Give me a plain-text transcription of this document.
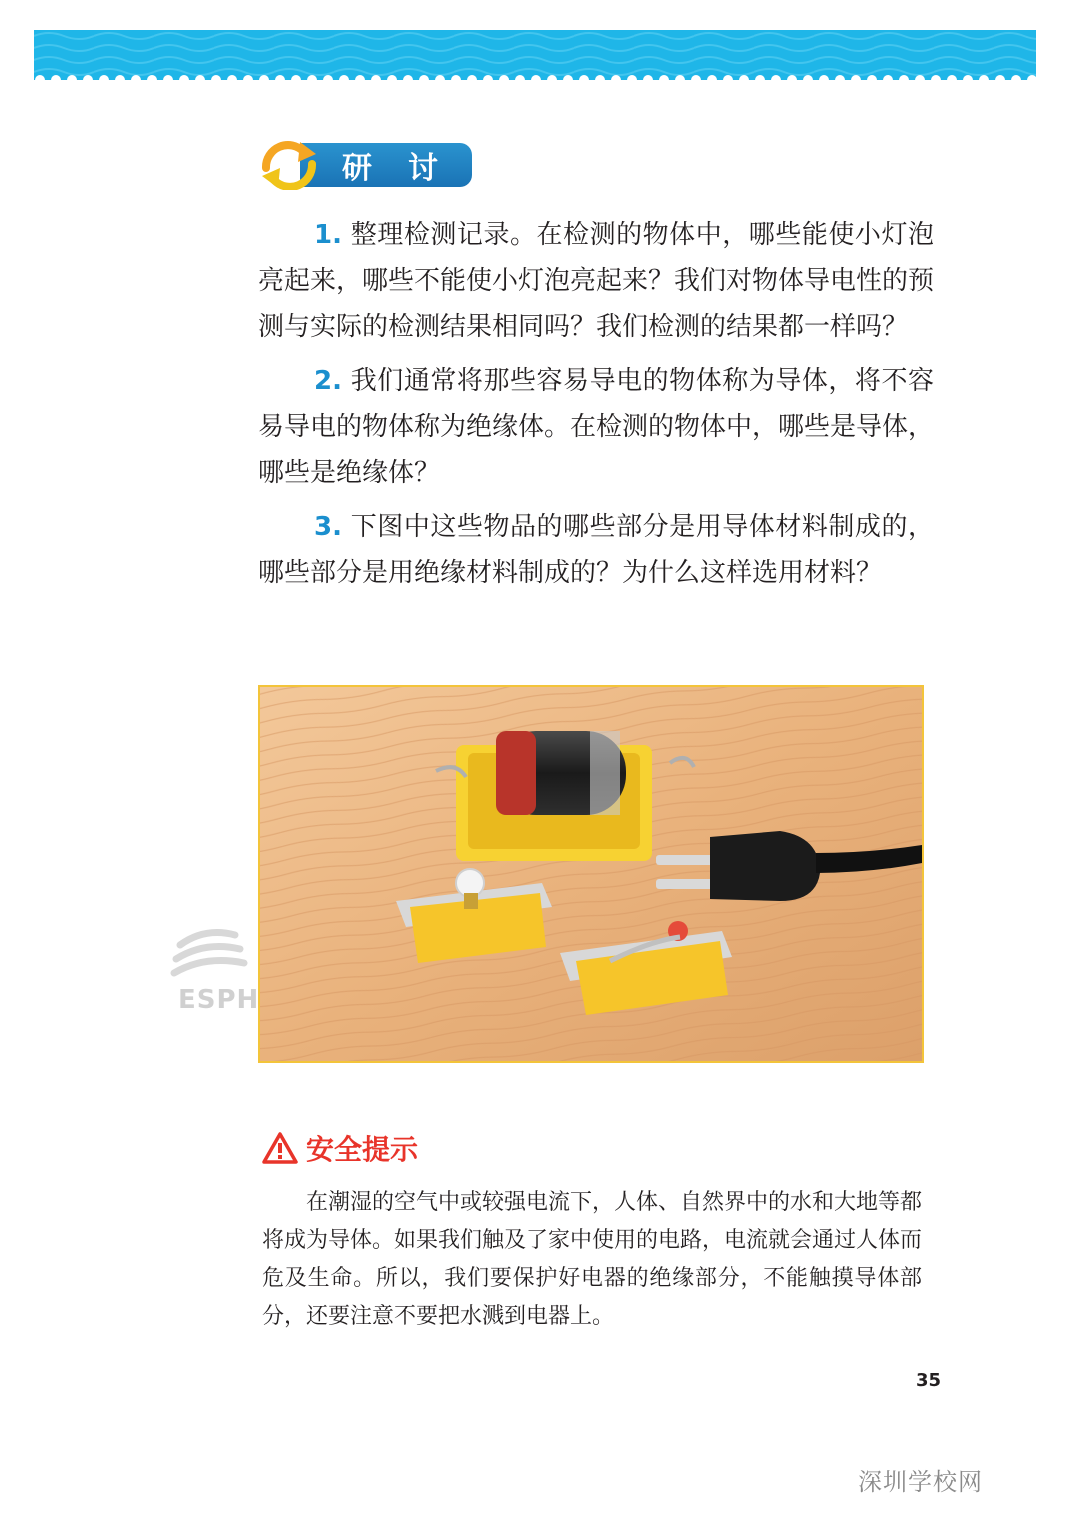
研讨

1. 整理检测记录。在检测的物体中，哪些能使小灯泡亮起来，哪些不能使小灯泡亮起来？我们对物体导电性的预测与实际的检测结果相同吗？我们检测的结果都一样吗？

2. 我们通常将那些容易导电的物体称为导体，将不容易导电的物体称为绝缘体。在检测的物体中，哪些是导体，哪些是绝缘体？

3. 下图中这些物品的哪些部分是用导体材料制成的，哪些部分是用绝缘材料制成的？为什么这样选用材料？

ESPH
安全提示

在潮湿的空气中或较强电流下，人体、自然界中的水和大地等都将成为导体。如果我们触及了家中使用的电路，电流就会通过人体而危及生命。所以，我们要保护好电器的绝缘部分，不能触摸导体部分，还要注意不要把水溅到电器上。

35
深圳学校网
